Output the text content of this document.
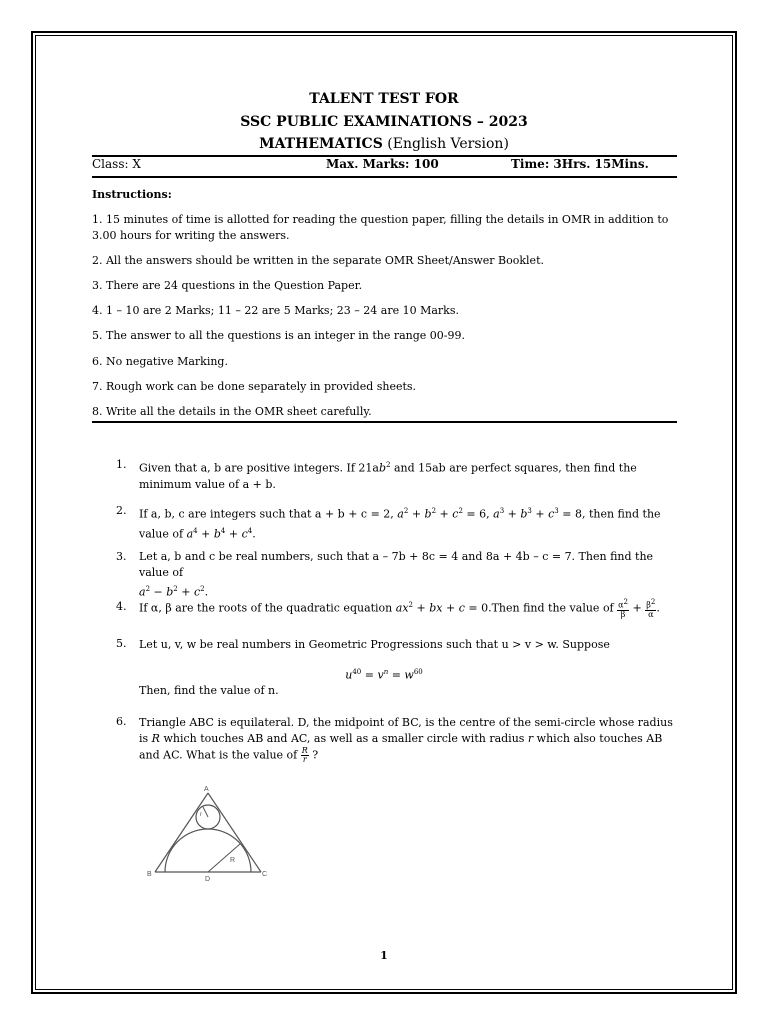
TALENT TEST FOR
SSC PUBLIC EXAMINATIONS – 2023
MATHEMATICS (English Version)
Class: X	Max. Marks: 100	Time: 3Hrs. 15Mins.
Instructions:
1. 15 minutes of time is allotted for reading the question paper, filling the details in OMR in addition to 3.00 hours for writing the answers.
2. All the answers should be written in the separate OMR Sheet/Answer Booklet.
3. There are 24 questions in the Question Paper.
4. 1 – 10 are 2 Marks; 11 – 22 are 5 Marks; 23 – 24 are 10 Marks.
5. The answer to all the questions is an integer in the range 00-99.
6. No negative Marking.
7. Rough work can be done separately in provided sheets.
8. Write all the details in the OMR sheet carefully.
1. Given that a, b are positive integers. If $21ab^2$ and 15ab are perfect squares, then find the minimum value of a + b.
2. If a, b, c are integers such that a + b + c = 2, $a^2 + b^2 + c^2 = 6$, $a^3 + b^3 + c^3 = 8$, then find the value of $a^4 + b^4 + c^4$.
3. Let a, b and c be real numbers, such that a – 7b + 8c = 4 and 8a + 4b – c = 7. Then find the value of
$a^2 - b^2 + c^2$.
4. If α, β are the roots of the quadratic equation $ax^2$ + bx + c = 0.Then find the value of $\frac{\alpha^2}{\beta} + \frac{\beta^2}{\alpha}$ .
5. Let u, v, w be real numbers in Geometric Progressions such that u > v > w. Suppose
$u^{40} = v^n = w^{60}$
Then, find the value of n.
6. Triangle ABC is equilateral. D, the midpoint of BC, is the centre of the semi-circle whose radius is R which touches AB and AC, as well as a smaller circle with radius r which also touches AB and AC. What is the value of $\frac{R}{r}$ ?
A
B	C
D
R
r
1
